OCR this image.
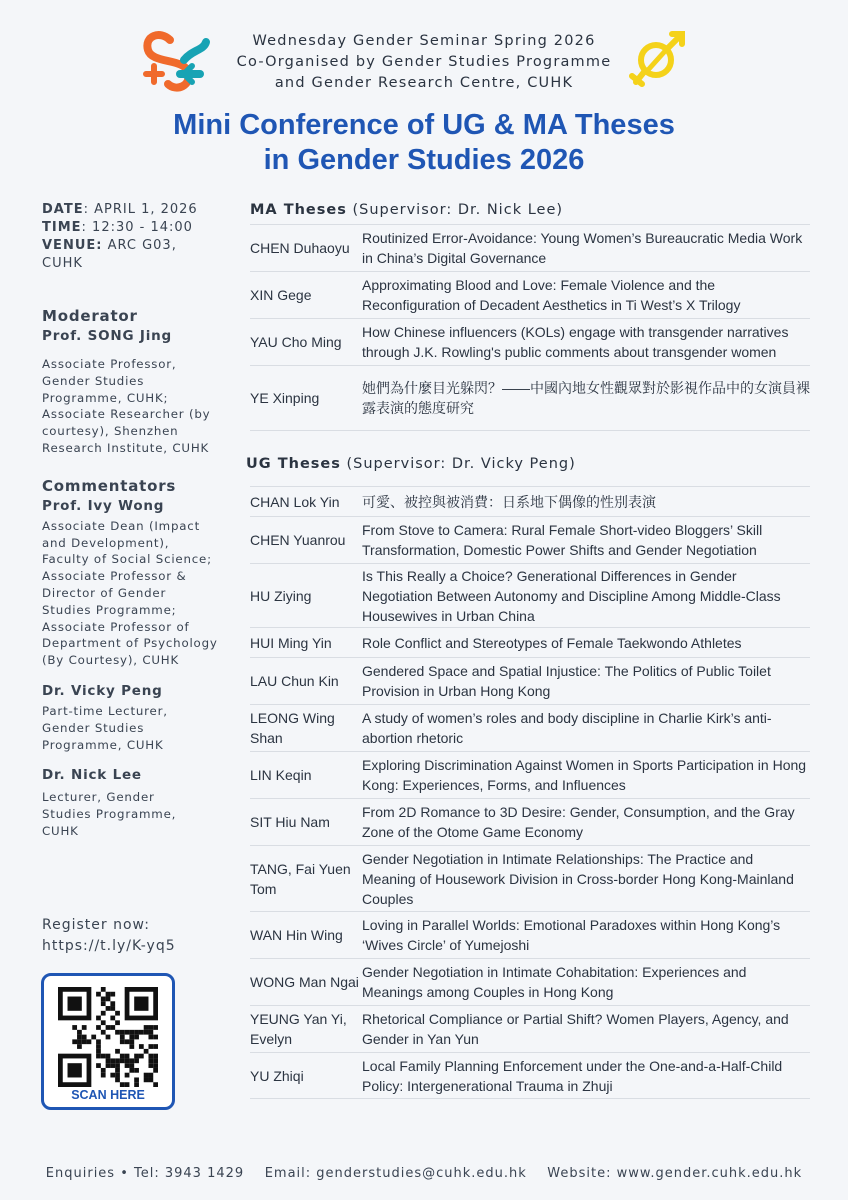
Wednesday Gender Seminar Spring 2026
Co-Organised by Gender Studies Programme
and Gender Research Centre, CUHK
Mini Conference of UG & MA Theses
in Gender Studies 2026
DATE: APRIL 1, 2026
TIME: 12:30 - 14:00
VENUE: ARC G03,
CUHK
Moderator
Prof. SONG Jing
Associate Professor, Gender Studies Programme, CUHK; Associate Researcher (by courtesy), Shenzhen Research Institute, CUHK
Commentators
Prof. Ivy Wong
Associate Dean (Impact and Development), Faculty of Social Science; Associate Professor & Director of Gender Studies Programme; Associate Professor of Department of Psychology (By Courtesy), CUHK
Dr. Vicky Peng
Part-time Lecturer, Gender Studies Programme, CUHK
Dr. Nick Lee
Lecturer, Gender Studies Programme, CUHK
Register now:
https://t.ly/K-yq5
SCAN HERE
MA Theses (Supervisor: Dr. Nick Lee)
CHEN Duhaoyu
Routinized Error-Avoidance: Young Women’s Bureaucratic Media Work in China’s Digital Governance
XIN Gege
Approximating Blood and Love: Female Violence and the Reconfiguration of Decadent Aesthetics in Ti West’s X Trilogy
YAU Cho Ming
How Chinese influencers (KOLs) engage with transgender narratives through J.K. Rowling's public comments about transgender women
YE Xinping
她們為什麼目光躲閃？——中國內地女性觀眾對於影視作品中的女演員裸露表演的態度研究
UG Theses (Supervisor: Dr. Vicky Peng)
CHAN Lok Yin	可愛、被控與被消費：日系地下偶像的性別表演
CHEN Yuanrou
From Stove to Camera: Rural Female Short-video Bloggers’ Skill Transformation, Domestic Power Shifts and Gender Negotiation
HU Ziying
Is This Really a Choice? Generational Differences in Gender Negotiation Between Autonomy and Discipline Among Middle-Class Housewives in Urban China
HUI Ming Yin	Role Conflict and Stereotypes of Female Taekwondo Athletes
LAU Chun Kin
Gendered Space and Spatial Injustice: The Politics of Public Toilet Provision in Urban Hong Kong
LEONG Wing Shan
A study of women’s roles and body discipline in Charlie Kirk’s anti-abortion rhetoric
LIN Keqin
Exploring Discrimination Against Women in Sports Participation in Hong Kong: Experiences, Forms, and Influences
SIT Hiu Nam
From 2D Romance to 3D Desire: Gender, Consumption, and the Gray Zone of the Otome Game Economy
TANG, Fai Yuen Tom
Gender Negotiation in Intimate Relationships: The Practice and Meaning of Housework Division in Cross-border Hong Kong-Mainland Couples
WAN Hin Wing
Loving in Parallel Worlds: Emotional Paradoxes within Hong Kong’s ‘Wives Circle’ of Yumejoshi
WONG Man Ngai
Gender Negotiation in Intimate Cohabitation: Experiences and Meanings among Couples in Hong Kong
YEUNG Yan Yi, Evelyn
Rhetorical Compliance or Partial Shift? Women Players, Agency, and Gender in Yan Yun
YU Zhiqi
Local Family Planning Enforcement under the One-and-a-Half-Child Policy: Intergenerational Trauma in Zhuji
Enquiries • Tel: 3943 1429    Email: genderstudies@cuhk.edu.hk    Website: www.gender.cuhk.edu.hk
